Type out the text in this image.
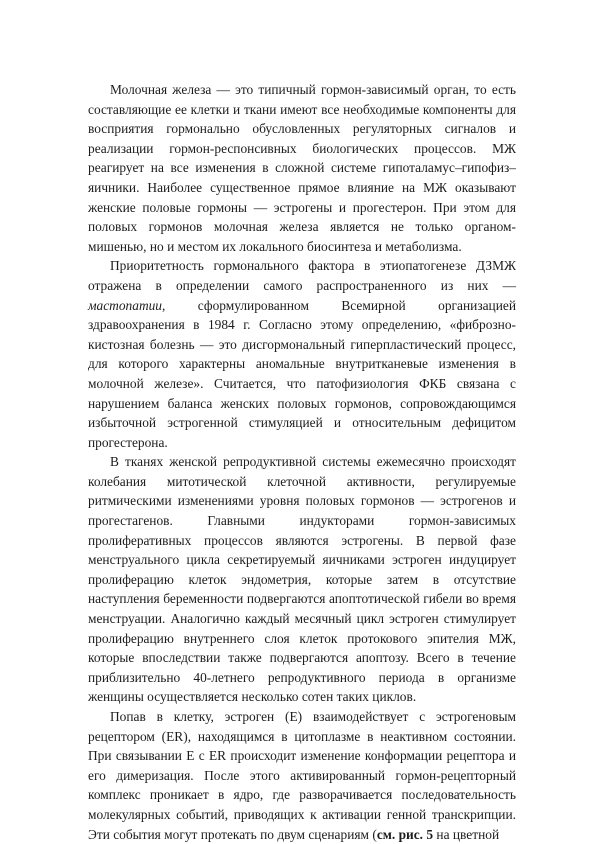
Молочная железа — это типичный гормон-зависимый орган, то есть составляющие ее клетки и ткани имеют все необходимые компоненты для восприятия гормонально обусловленных регуляторных сигналов и реализации гормон-респонсивных биологических процессов. МЖ реагирует на все изменения в сложной системе гипоталамус–гипофиз–яичники. Наиболее существенное прямое влияние на МЖ оказывают женские половые гормоны — эстрогены и прогестерон. При этом для половых гормонов молочная железа является не только органом-мишенью, но и местом их локального биосинтеза и метаболизма.

Приоритетность гормонального фактора в этиопатогенезе ДЗМЖ отражена в определении самого распространенного из них — мастопатии, сформулированном Всемирной организацией здравоохранения в 1984 г. Согласно этому определению, «фиброзно-кистозная болезнь — это дисгормональный гиперпластический процесс, для которого характерны аномальные внутритканевые изменения в молочной железе». Считается, что патофизиология ФКБ связана с нарушением баланса женских половых гормонов, сопровождающимся избыточной эстрогенной стимуляцией и относительным дефицитом прогестерона.

В тканях женской репродуктивной системы ежемесячно происходят колебания митотической клеточной активности, регулируемые ритмическими изменениями уровня половых гормонов — эстрогенов и прогестагенов. Главными индукторами гормон-зависимых пролиферативных процессов являются эстрогены. В первой фазе менструального цикла секретируемый яичниками эстроген индуцирует пролиферацию клеток эндометрия, которые затем в отсутствие наступления беременности подвергаются апоптотической гибели во время менструации. Аналогично каждый месячный цикл эстроген стимулирует пролиферацию внутреннего слоя клеток протокового эпителия МЖ, которые впоследствии также подвергаются апоптозу. Всего в течение приблизительно 40-летнего репродуктивного периода в организме женщины осуществляется несколько сотен таких циклов.

Попав в клетку, эстроген (Е) взаимодействует с эстрогеновым рецептором (ER), находящимся в цитоплазме в неактивном состоянии. При связывании Е с ER происходит изменение конформации рецептора и его димеризация. После этого активированный гормон-рецепторный комплекс проникает в ядро, где разворачивается последовательность молекулярных событий, приводящих к активации генной транскрипции. Эти события могут протекать по двум сценариям (см. рис. 5 на цветной
